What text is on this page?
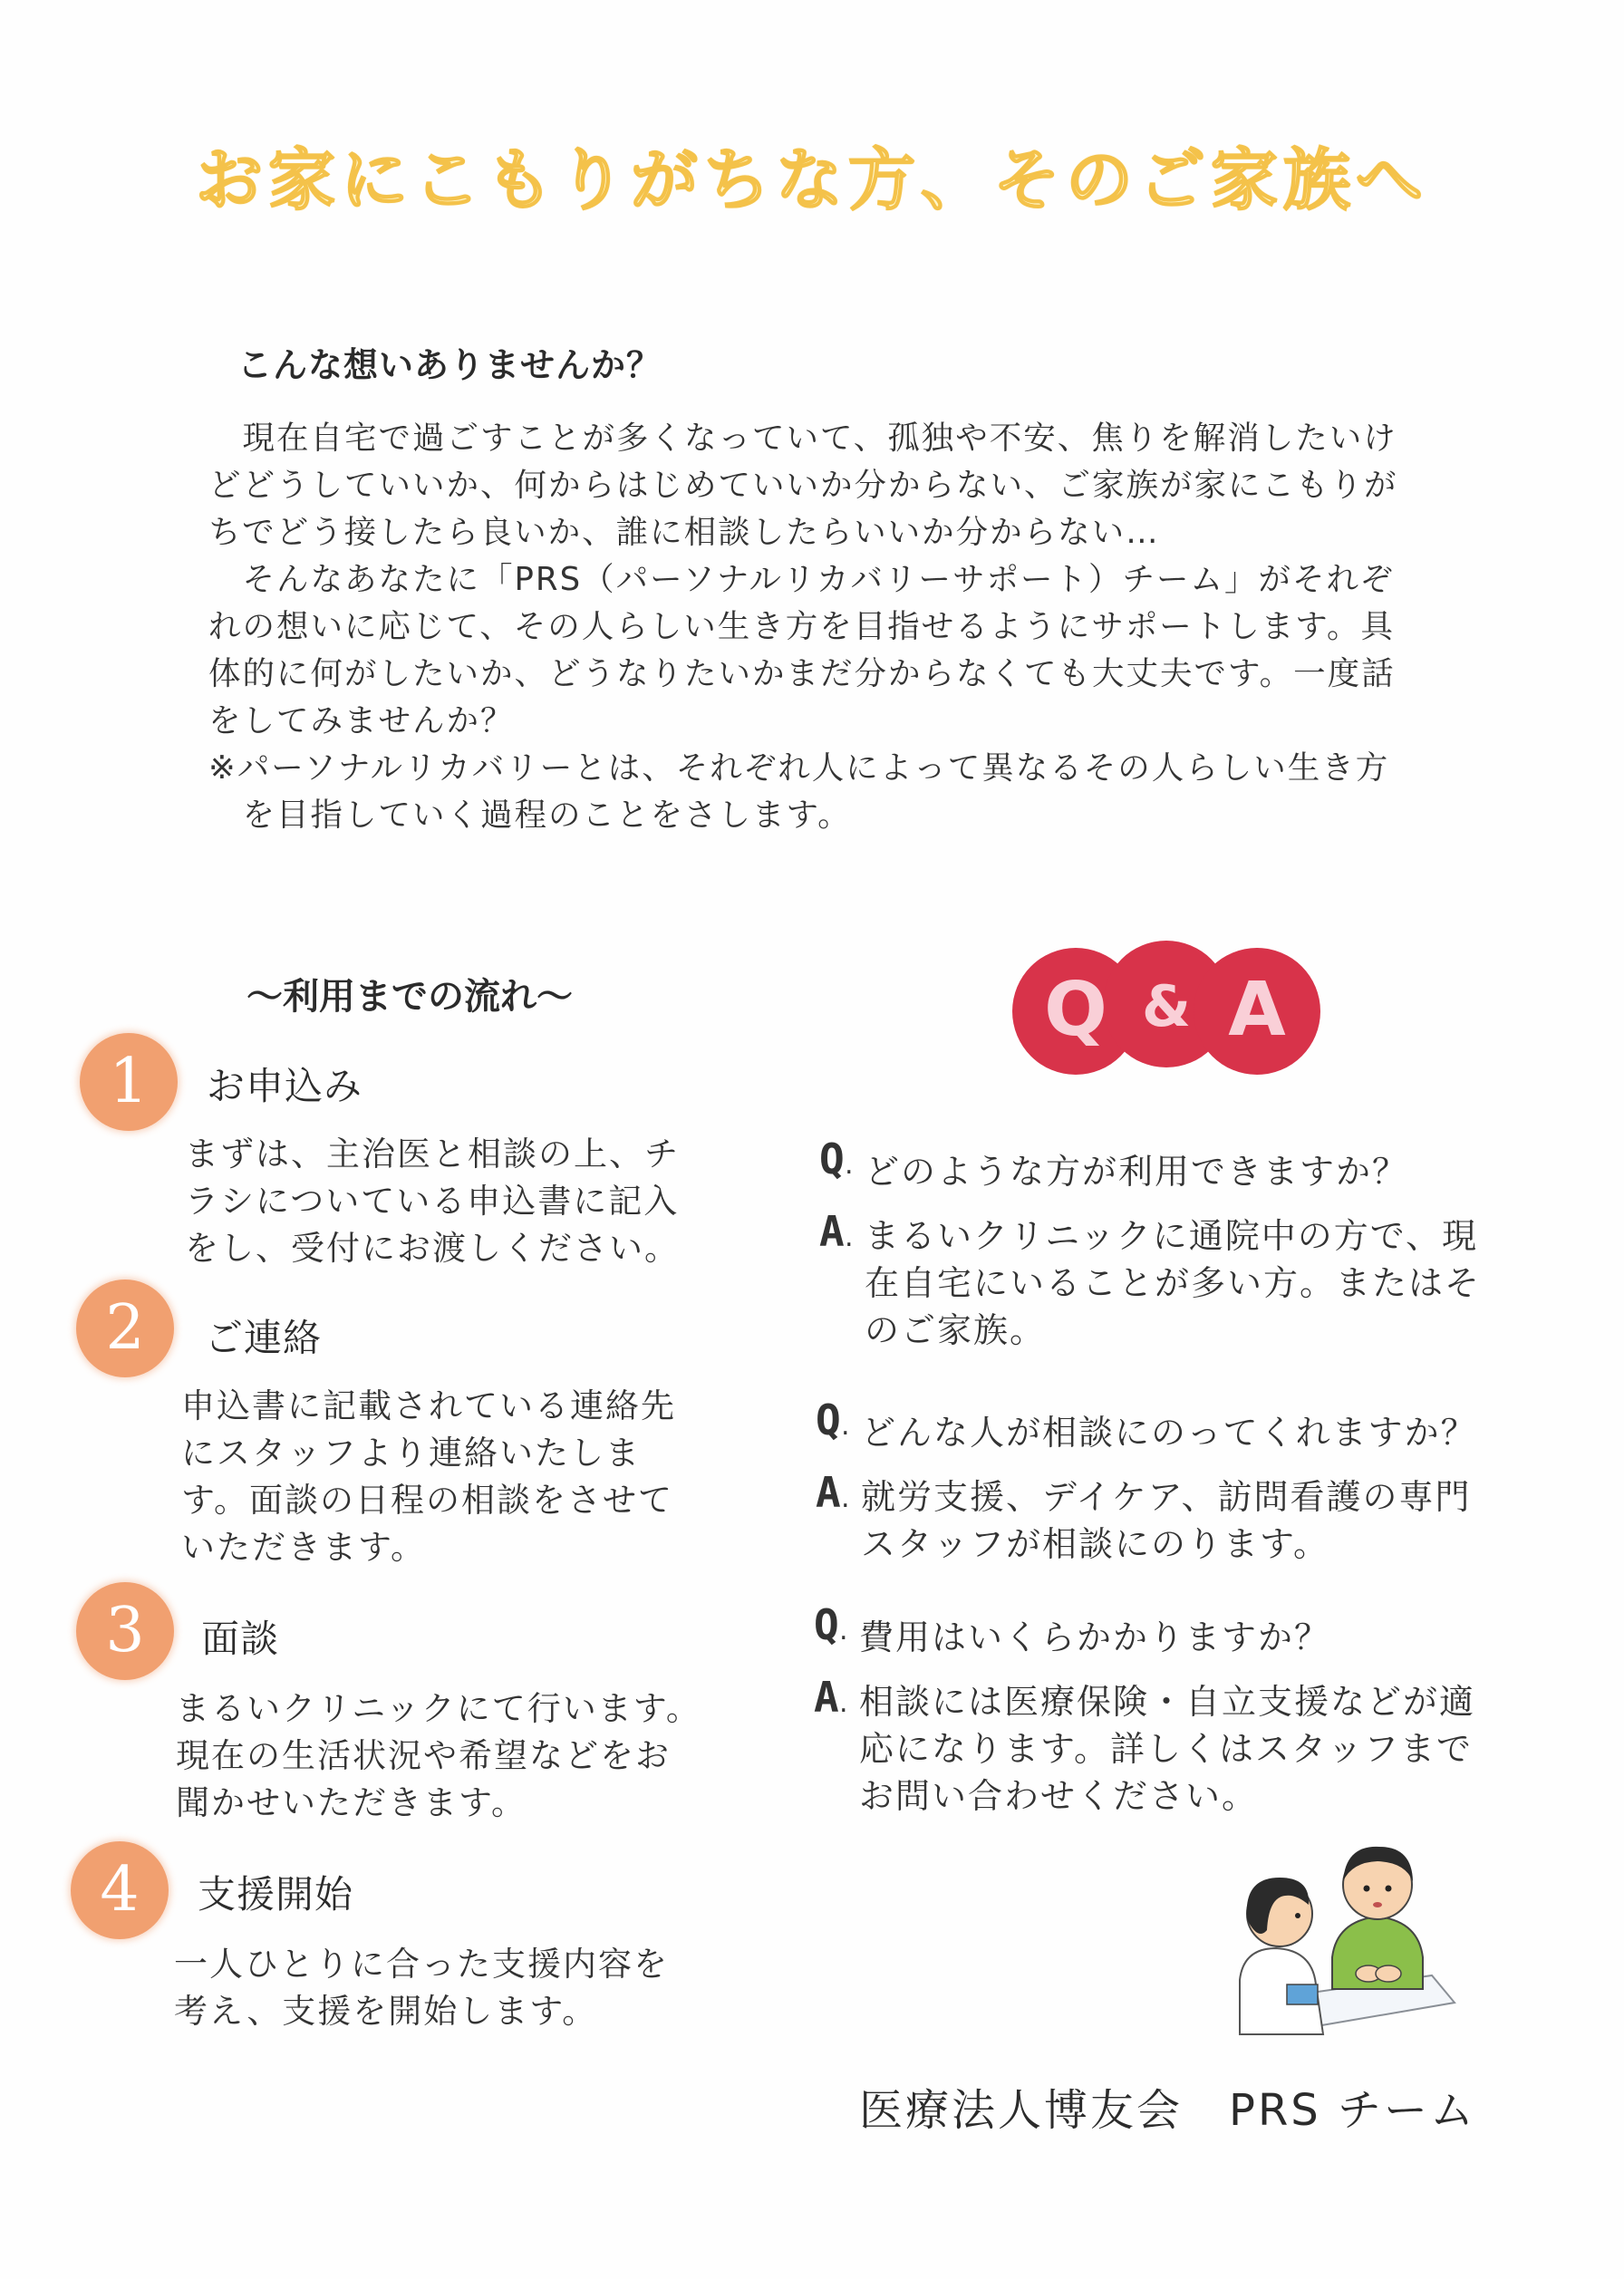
お家にこもりがちな方、そのご家族へ
こんな想いありませんか？
　現在自宅で過ごすことが多くなっていて、孤独や不安、焦りを解消したいけ
どどうしていいか、何からはじめていいか分からない、ご家族が家にこもりが
ちでどう接したら良いか、誰に相談したらいいか分からない…
　そんなあなたに「PRS（パーソナルリカバリーサポート）チーム」がそれぞ
れの想いに応じて、その人らしい生き方を目指せるようにサポートします。具
体的に何がしたいか、どうなりたいかまだ分からなくても大丈夫です。一度話
をしてみませんか？
※パーソナルリカバリーとは、それぞれ人によって異なるその人らしい生き方
　を目指していく過程のことをさします。
～利用までの流れ～
1	お申込み
まずは、主治医と相談の上、チ
ラシについている申込書に記入
をし、受付にお渡しください。
2	ご連絡
申込書に記載されている連絡先
にスタッフより連絡いたしま
す。面談の日程の相談をさせて
いただきます。
3	面談
まるいクリニックにて行います。
現在の生活状況や希望などをお
聞かせいただきます。
4	支援開始
一人ひとりに合った支援内容を
考え、支援を開始します。
Q & A
Q . どのような方が利用できますか？
A . まるいクリニックに通院中の方で、現
在自宅にいることが多い方。またはそ
のご家族。
Q . どんな人が相談にのってくれますか？
A . 就労支援、デイケア、訪問看護の専門
スタッフが相談にのります。
Q . 費用はいくらかかりますか？
A . 相談には医療保険・自立支援などが適
応になります。詳しくはスタッフまで
お問い合わせください。
医療法人博友会　PRS チーム
